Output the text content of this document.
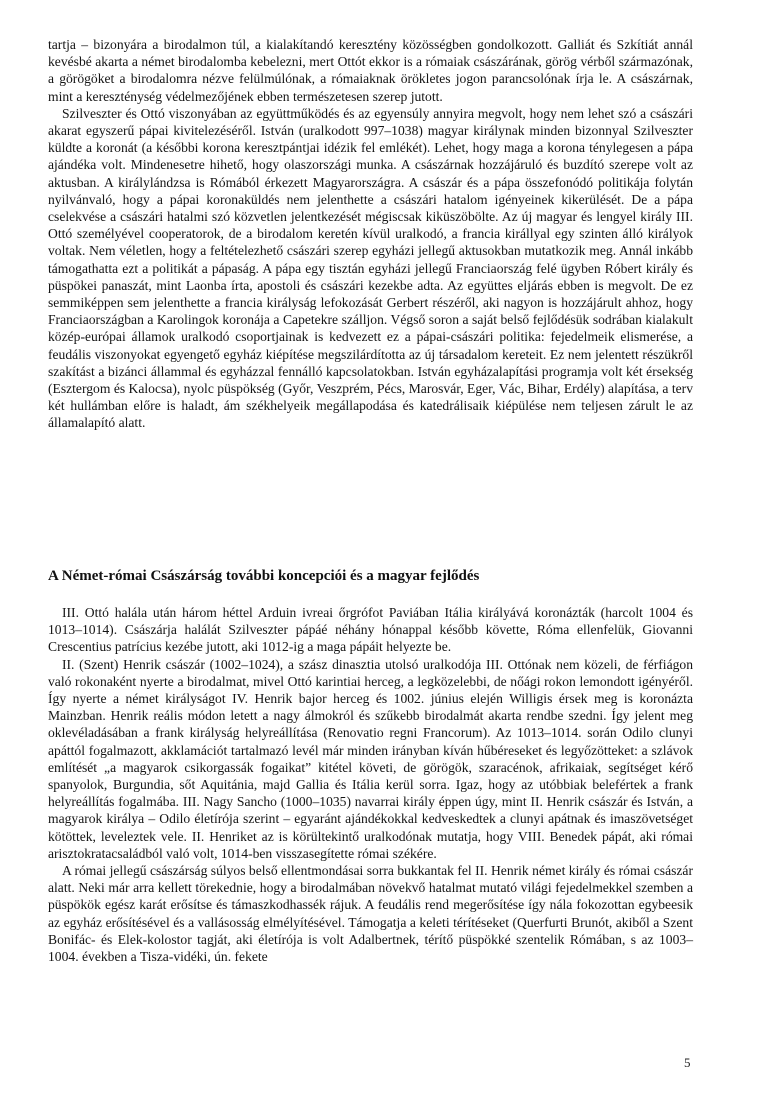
tartja – bizonyára a birodalmon túl, a kialakítandó keresztény közösségben gondolkozott. Galliát és Szkítiát annál kevésbé akarta a német birodalomba kebelezni, mert Ottót ekkor is a rómaiak császárának, görög vérből származónak, a görögöket a birodalomra nézve felülmúlónak, a rómaiaknak örökletes jogon parancsolónak írja le. A császárnak, mint a kereszténység védelmezőjének ebben természetesen szerep jutott.

Szilveszter és Ottó viszonyában az együttműködés és az egyensúly annyira megvolt, hogy nem lehet szó a császári akarat egyszerű pápai kivitelezéséről. István (uralkodott 997–1038) magyar királynak minden bizonnyal Szilveszter küldte a koronát (a későbbi korona keresztpántjai idézik fel emlékét). Lehet, hogy maga a korona ténylegesen a pápa ajándéka volt. Mindenesetre hihető, hogy olaszországi munka. A császárnak hozzájáruló és buzdító szerepe volt az aktusban. A királylándzsa is Rómából érkezett Magyarországra. A császár és a pápa összefonódó politikája folytán nyilvánvaló, hogy a pápai koronaküldés nem jelenthette a császári hatalom igényeinek kikerülését. De a pápa cselekvése a császári hatalmi szó közvetlen jelentkezését mégiscsak kiküszöbölte. Az új magyar és lengyel király III. Ottó személyével cooperatorok, de a birodalom keretén kívül uralkodó, a francia királlyal egy szinten álló királyok voltak. Nem véletlen, hogy a feltételezhető császári szerep egyházi jellegű aktusokban mutatkozik meg. Annál inkább támogathatta ezt a politikát a pápaság. A pápa egy tisztán egyházi jellegű Franciaország felé ügyben Róbert király és püspökei panaszát, mint Laonba írta, apostoli és császári kezekbe adta. Az együttes eljárás ebben is megvolt. De ez semmiképpen sem jelenthette a francia királyság lefokozását Gerbert részéről, aki nagyon is hozzájárult ahhoz, hogy Franciaországban a Karolingok koronája a Capetekre szálljon. Végső soron a saját belső fejlődésük sodrában kialakult közép-európai államok uralkodó csoportjainak is kedvezett ez a pápai-császári politika: fejedelmeik elismerése, a feudális viszonyokat egyengető egyház kiépítése megszilárdította az új társadalom kereteit. Ez nem jelentett részükről szakítást a bizánci állammal és egyházzal fennálló kapcsolatokban. István egyházalapítási programja volt két érsekség (Esztergom és Kalocsa), nyolc püspökség (Győr, Veszprém, Pécs, Marosvár, Eger, Vác, Bihar, Erdély) alapítása, a terv két hullámban előre is haladt, ám székhelyeik megállapodása és katedrálisaik kiépülése nem teljesen zárult le az államalapító alatt.

A Német-római Császárság további koncepciói és a magyar fejlődés

III. Ottó halála után három héttel Arduin ivreai őrgrófot Paviában Itália királyává koronázták (harcolt 1004 és 1013–1014). Császárja halálát Szilveszter pápáé néhány hónappal később követte, Róma ellenfelük, Giovanni Crescentius patrícius kezébe jutott, aki 1012-ig a maga pápáit helyezte be.

II. (Szent) Henrik császár (1002–1024), a szász dinasztia utolsó uralkodója III. Ottónak nem közeli, de férfiágon való rokonaként nyerte a birodalmat, mivel Ottó karintiai herceg, a legközelebbi, de nőági rokon lemondott igényéről. Így nyerte a német királyságot IV. Henrik bajor herceg és 1002. június elején Willigis érsek meg is koronázta Mainzban. Henrik reális módon letett a nagy álmokról és szűkebb birodalmát akarta rendbe szedni. Így jelent meg oklevéladásában a frank királyság helyreállítása (Renovatio regni Francorum). Az 1013–1014. során Odilo clunyi apáttól fogalmazott, akklamációt tartalmazó levél már minden irányban kíván hűbéreseket és legyőzötteket: a szlávok említését „a magyarok csikorgassák fogaikat” kitétel követi, de görögök, szaracénok, afrikaiak, segítséget kérő spanyolok, Burgundia, sőt Aquitánia, majd Gallia és Itália kerül sorra. Igaz, hogy az utóbbiak belefértek a frank helyreállítás fogalmába. III. Nagy Sancho (1000–1035) navarrai király éppen úgy, mint II. Henrik császár és István, a magyarok királya – Odilo életírója szerint – egyaránt ajándékokkal kedveskedtek a clunyi apátnak és imaszövetséget kötöttek, leveleztek vele. II. Henriket az is körültekintő uralkodónak mutatja, hogy VIII. Benedek pápát, aki római arisztokratacsaládból való volt, 1014-ben visszasegítette római székére.

A római jellegű császárság súlyos belső ellentmondásai sorra bukkantak fel II. Henrik német király és római császár alatt. Neki már arra kellett törekednie, hogy a birodalmában növekvő hatalmat mutató világi fejedelmekkel szemben a püspökök egész karát erősítse és támaszkodhassék rájuk. A feudális rend megerősítése így nála fokozottan egybeesik az egyház erősítésével és a vallásosság elmélyítésével. Támogatja a keleti térítéseket (Querfurti Brunót, akiből a Szent Bonifác- és Elek-kolostor tagját, aki életírója is volt Adalbertnek, térítő püspökké szentelik Rómában, s az 1003–1004. években a Tisza-vidéki, ún. fekete

5
